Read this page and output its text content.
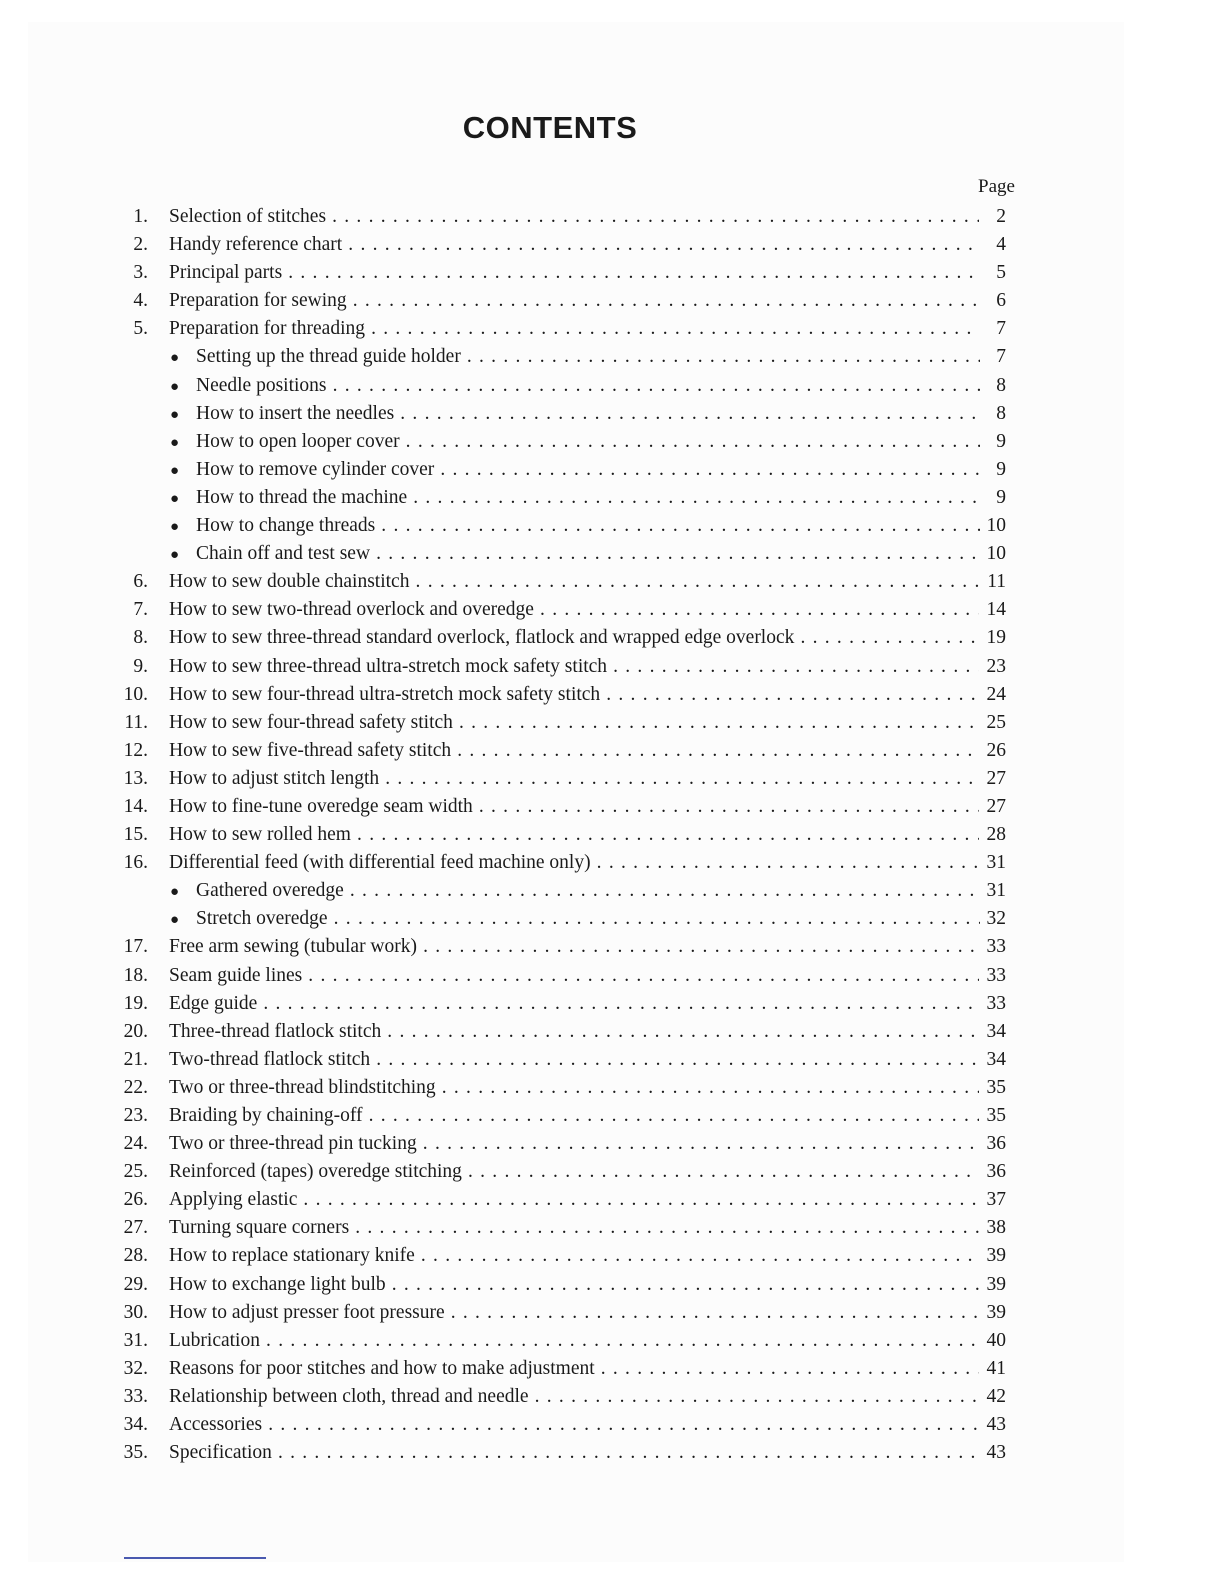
CONTENTS
Page
1. Selection of stitches . . .	2
2. Handy reference chart . . .	4
3. Principal parts . . .	5
4. Preparation for sewing . . .	6
5. Preparation for threading . . .	7
● Setting up the thread guide holder . . .	7
● Needle positions . . .	8
● How to insert the needles . . .	8
● How to open looper cover . . .	9
● How to remove cylinder cover . . .	9
● How to thread the machine . . .	9
● How to change threads . . .	10
● Chain off and test sew . . .	10
6. How to sew double chainstitch . . .	11
7. How to sew two-thread overlock and overedge . . .	14
8. How to sew three-thread standard overlock, flatlock and wrapped edge overlock . . .	19
9. How to sew three-thread ultra-stretch mock safety stitch . . .	23
10. How to sew four-thread ultra-stretch mock safety stitch . . .	24
11. How to sew four-thread safety stitch . . .	25
12. How to sew five-thread safety stitch . . .	26
13. How to adjust stitch length . . .	27
14. How to fine-tune overedge seam width . . .	27
15. How to sew rolled hem . . .	28
16. Differential feed (with differential feed machine only) . . .	31
● Gathered overedge . . .	31
● Stretch overedge . . .	32
17. Free arm sewing (tubular work) . . .	33
18. Seam guide lines . . .	33
19. Edge guide . . .	33
20. Three-thread flatlock stitch . . .	34
21. Two-thread flatlock stitch . . .	34
22. Two or three-thread blindstitching . . .	35
23. Braiding by chaining-off . . .	35
24. Two or three-thread pin tucking . . .	36
25. Reinforced (tapes) overedge stitching . . .	36
26. Applying elastic . . .	37
27. Turning square corners . . .	38
28. How to replace stationary knife . . .	39
29. How to exchange light bulb . . .	39
30. How to adjust presser foot pressure . . .	39
31. Lubrication . . .	40
32. Reasons for poor stitches and how to make adjustment . . .	41
33. Relationship between cloth, thread and needle . . .	42
34. Accessories . . .	43
35. Specification . . .	43
